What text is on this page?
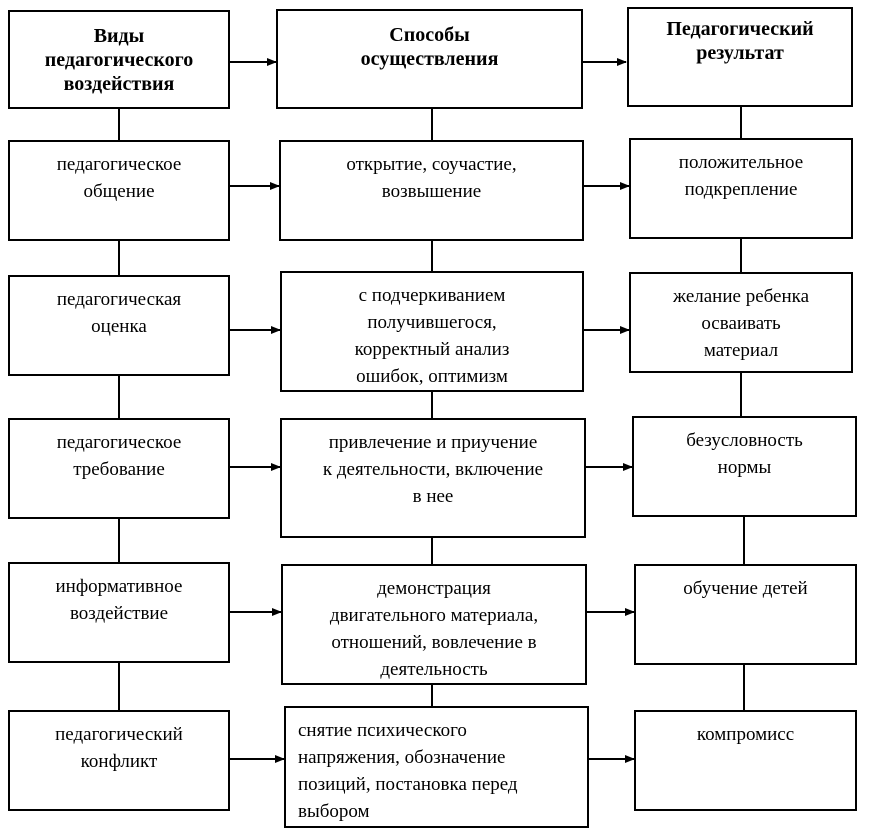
Виды
педагогического
воздействия
Способы
осуществления
Педагогический
результат
педагогическое
общение
открытие, соучастие,
возвышение
положительное
подкрепление
педагогическая
оценка
с подчеркиванием
получившегося,
корректный анализ
ошибок, оптимизм
желание ребенка
осваивать
материал
педагогическое
требование
привлечение и приучение
к деятельности, включение
в нее
безусловность
нормы
информативное
воздействие
демонстрация
двигательного материала,
отношений, вовлечение в
деятельность
обучение детей
педагогический
конфликт
снятие психического
напряжения, обозначение
позиций, постановка перед
выбором
компромисс
